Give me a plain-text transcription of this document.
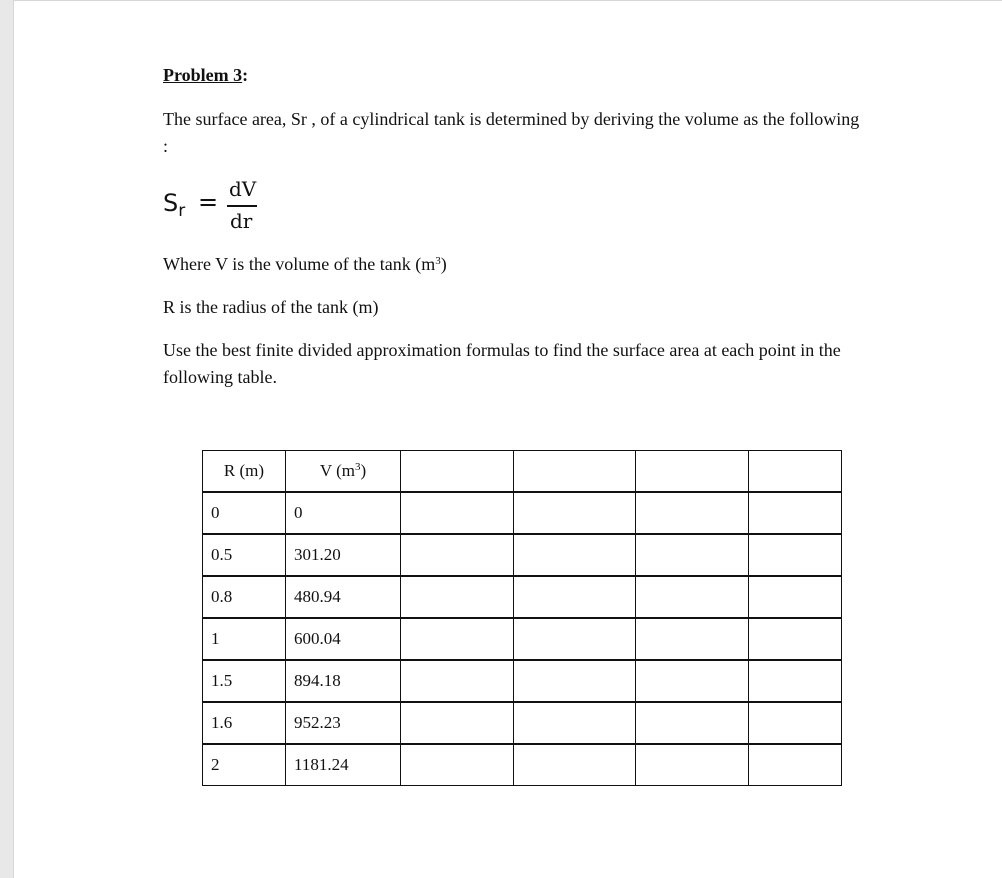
Problem 3:
The surface area, Sr , of a cylindrical tank is determined by deriving the volume as the following :
$S_r$ = dV
dr
Where V is the volume of the tank $(m^3)$
R is the radius of the tank (m)
Use the best finite divided approximation formulas to find the surface area at each point in the following table.
R (m)	V $(m^3)$				
0	0				
0.5	301.20				
0.8	480.94				
1	600.04				
1.5	894.18				
1.6	952.23				
2	1181.24				
